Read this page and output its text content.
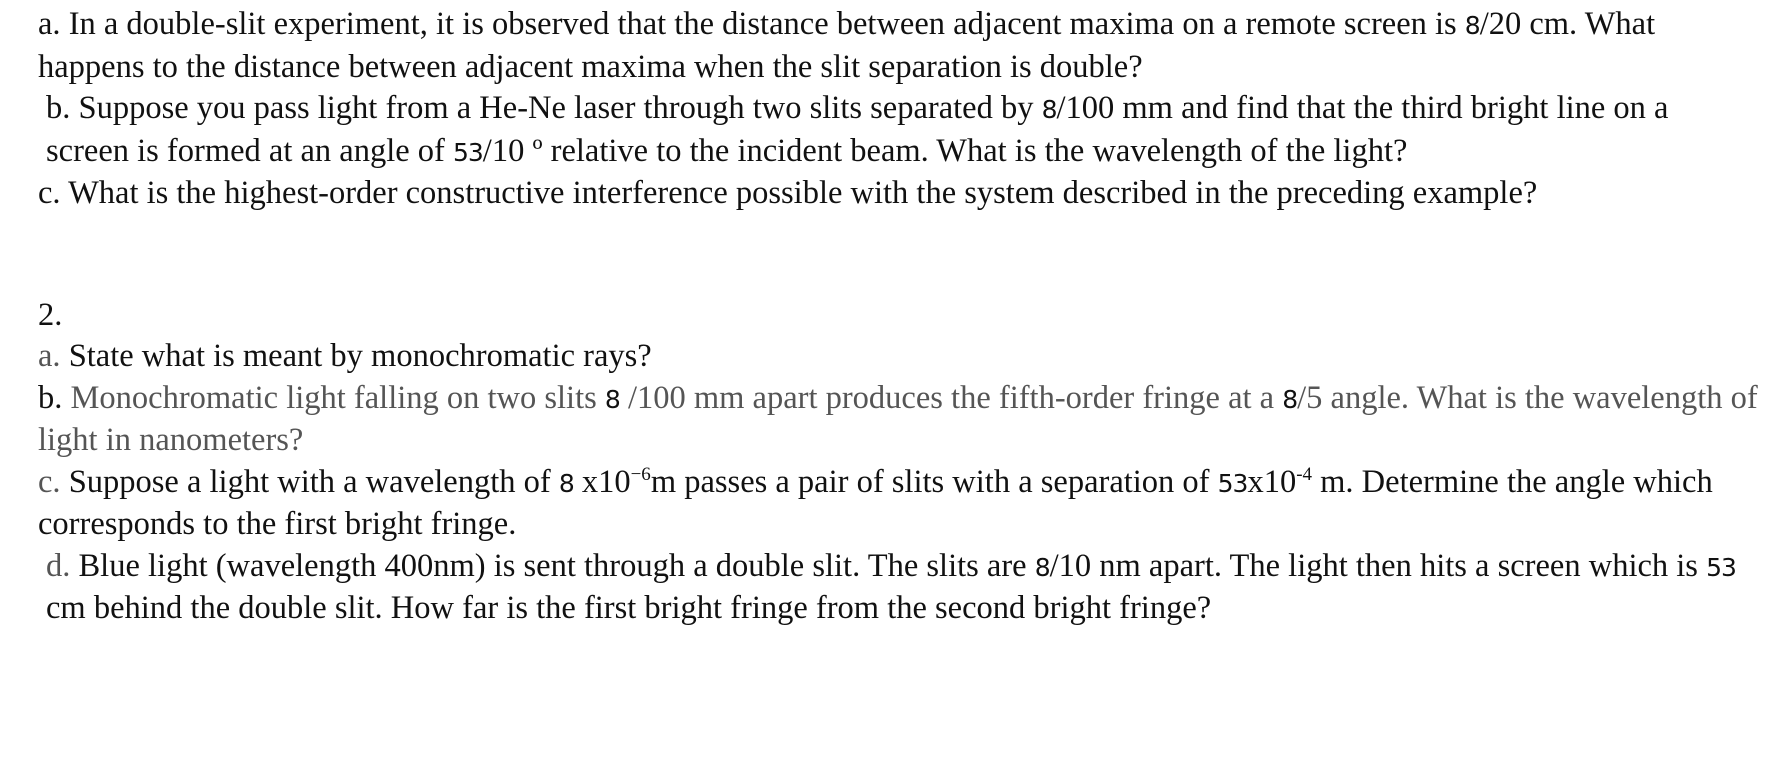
a. In a double-slit experiment, it is observed that the distance between adjacent maxima on a remote screen is 8/20 cm. What happens to the distance between adjacent maxima when the slit separation is double?

b. Suppose you pass light from a He-Ne laser through two slits separated by 8/100 mm and find that the third bright line on a screen is formed at an angle of 53/10 º relative to the incident beam. What is the wavelength of the light?

c. What is the highest-order constructive interference possible with the system described in the preceding example?

2.

a. State what is meant by monochromatic rays?

b. Monochromatic light falling on two slits 8 /100 mm apart produces the fifth-order fringe at a 8/5 angle. What is the wavelength of light in nanometers?

c. Suppose a light with a wavelength of 8 $x10^{-6}m$ passes a pair of slits with a separation of $53x10^{-4}$ m. Determine the angle which corresponds to the first bright fringe.

d. Blue light (wavelength 400nm) is sent through a double slit. The slits are 8/10 nm apart. The light then hits a screen which is 53 cm behind the double slit. How far is the first bright fringe from the second bright fringe?
